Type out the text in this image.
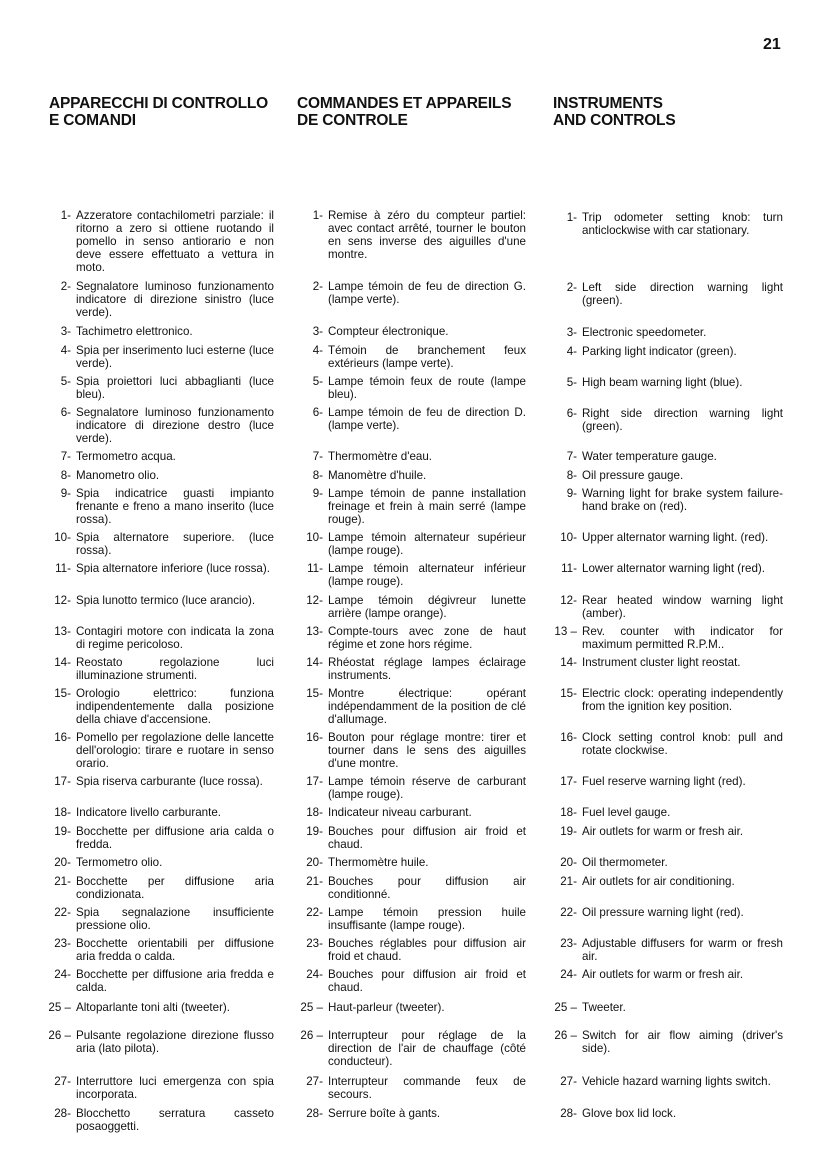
21
APPARECCHI DI CONTROLLO
E COMANDI
COMMANDES ET APPAREILS
DE CONTROLE
INSTRUMENTS
AND CONTROLS
1- Azzeratore contachilometri parziale: il ritorno a zero si ottiene ruotando il pomello in senso antiorario e non deve essere effettuato a vettura in moto.
2- Segnalatore luminoso funzionamento indicatore di direzione sinistro (luce verde).
3- Tachimetro elettronico.
4- Spia per inserimento luci esterne (luce verde).
5- Spia proiettori luci abbaglianti (luce bleu).
6- Segnalatore luminoso funzionamento indicatore di direzione destro (luce verde).
7- Termometro acqua.
8- Manometro olio.
9- Spia indicatrice guasti impianto frenante e freno a mano inserito (luce rossa).
10- Spia alternatore superiore. (luce rossa).
11- Spia alternatore inferiore (luce rossa).
12- Spia lunotto termico (luce arancio).
13- Contagiri motore con indicata la zona di regime pericoloso.
14- Reostato regolazione luci illuminazione strumenti.
15- Orologio elettrico: funziona indipendentemente dalla posizione della chiave d'accensione.
16- Pomello per regolazione delle lancette dell'orologio: tirare e ruotare in senso orario.
17- Spia riserva carburante (luce rossa).
18- Indicatore livello carburante.
19- Bocchette per diffusione aria calda o fredda.
20- Termometro olio.
21- Bocchette per diffusione aria condizionata.
22- Spia segnalazione insufficiente pressione olio.
23- Bocchette orientabili per diffusione aria fredda o calda.
24- Bocchette per diffusione aria fredda e calda.
25 – Altoparlante toni alti (tweeter).
26 – Pulsante regolazione direzione flusso aria (lato pilota).
27- Interruttore luci emergenza con spia incorporata.
28- Blocchetto serratura casseto posaoggetti.
1- Remise à zéro du compteur partiel: avec contact arrêté, tourner le bouton en sens inverse des aiguilles d'une montre.
2- Lampe témoin de feu de direction G. (lampe verte).
3- Compteur électronique.
4- Témoin de branchement feux extérieurs (lampe verte).
5- Lampe témoin feux de route (lampe bleu).
6- Lampe témoin de feu de direction D. (lampe verte).
7- Thermomètre d'eau.
8- Manomètre d'huile.
9- Lampe témoin de panne installation freinage et frein à main serré (lampe rouge).
10- Lampe témoin alternateur supérieur (lampe rouge).
11- Lampe témoin alternateur inférieur (lampe rouge).
12- Lampe témoin dégivreur lunette arrière (lampe orange).
13- Compte-tours avec zone de haut régime et zone hors régime.
14- Rhéostat réglage lampes éclairage instruments.
15- Montre électrique: opérant indépendamment de la position de clé d'allumage.
16- Bouton pour réglage montre: tirer et tourner dans le sens des aiguilles d'une montre.
17- Lampe témoin réserve de carburant (lampe rouge).
18- Indicateur niveau carburant.
19- Bouches pour diffusion air froid et chaud.
20- Thermomètre huile.
21- Bouches pour diffusion air conditionné.
22- Lampe témoin pression huile insuffisante (lampe rouge).
23- Bouches réglables pour diffusion air froid et chaud.
24- Bouches pour diffusion air froid et chaud.
25 – Haut-parleur (tweeter).
26 – Interrupteur pour réglage de la direction de l'air de chauffage (côté conducteur).
27- Interrupteur commande feux de secours.
28- Serrure boîte à gants.
1- Trip odometer setting knob: turn anticlockwise with car stationary.
2- Left side direction warning light (green).
3- Electronic speedometer.
4- Parking light indicator (green).
5- High beam warning light (blue).
6- Right side direction warning light (green).
7- Water temperature gauge.
8- Oil pressure gauge.
9- Warning light for brake system failure-hand brake on (red).
10- Upper alternator warning light. (red).
11- Lower alternator warning light (red).
12- Rear heated window warning light (amber).
13 – Rev. counter with indicator for maximum permitted R.P.M..
14- Instrument cluster light reostat.
15- Electric clock: operating independently from the ignition key position.
16- Clock setting control knob: pull and rotate clockwise.
17- Fuel reserve warning light (red).
18- Fuel level gauge.
19- Air outlets for warm or fresh air.
20- Oil thermometer.
21- Air outlets for air conditioning.
22- Oil pressure warning light (red).
23- Adjustable diffusers for warm or fresh air.
24- Air outlets for warm or fresh air.
25 – Tweeter.
26 – Switch for air flow aiming (driver's side).
27- Vehicle hazard warning lights switch.
28- Glove box lid lock.
